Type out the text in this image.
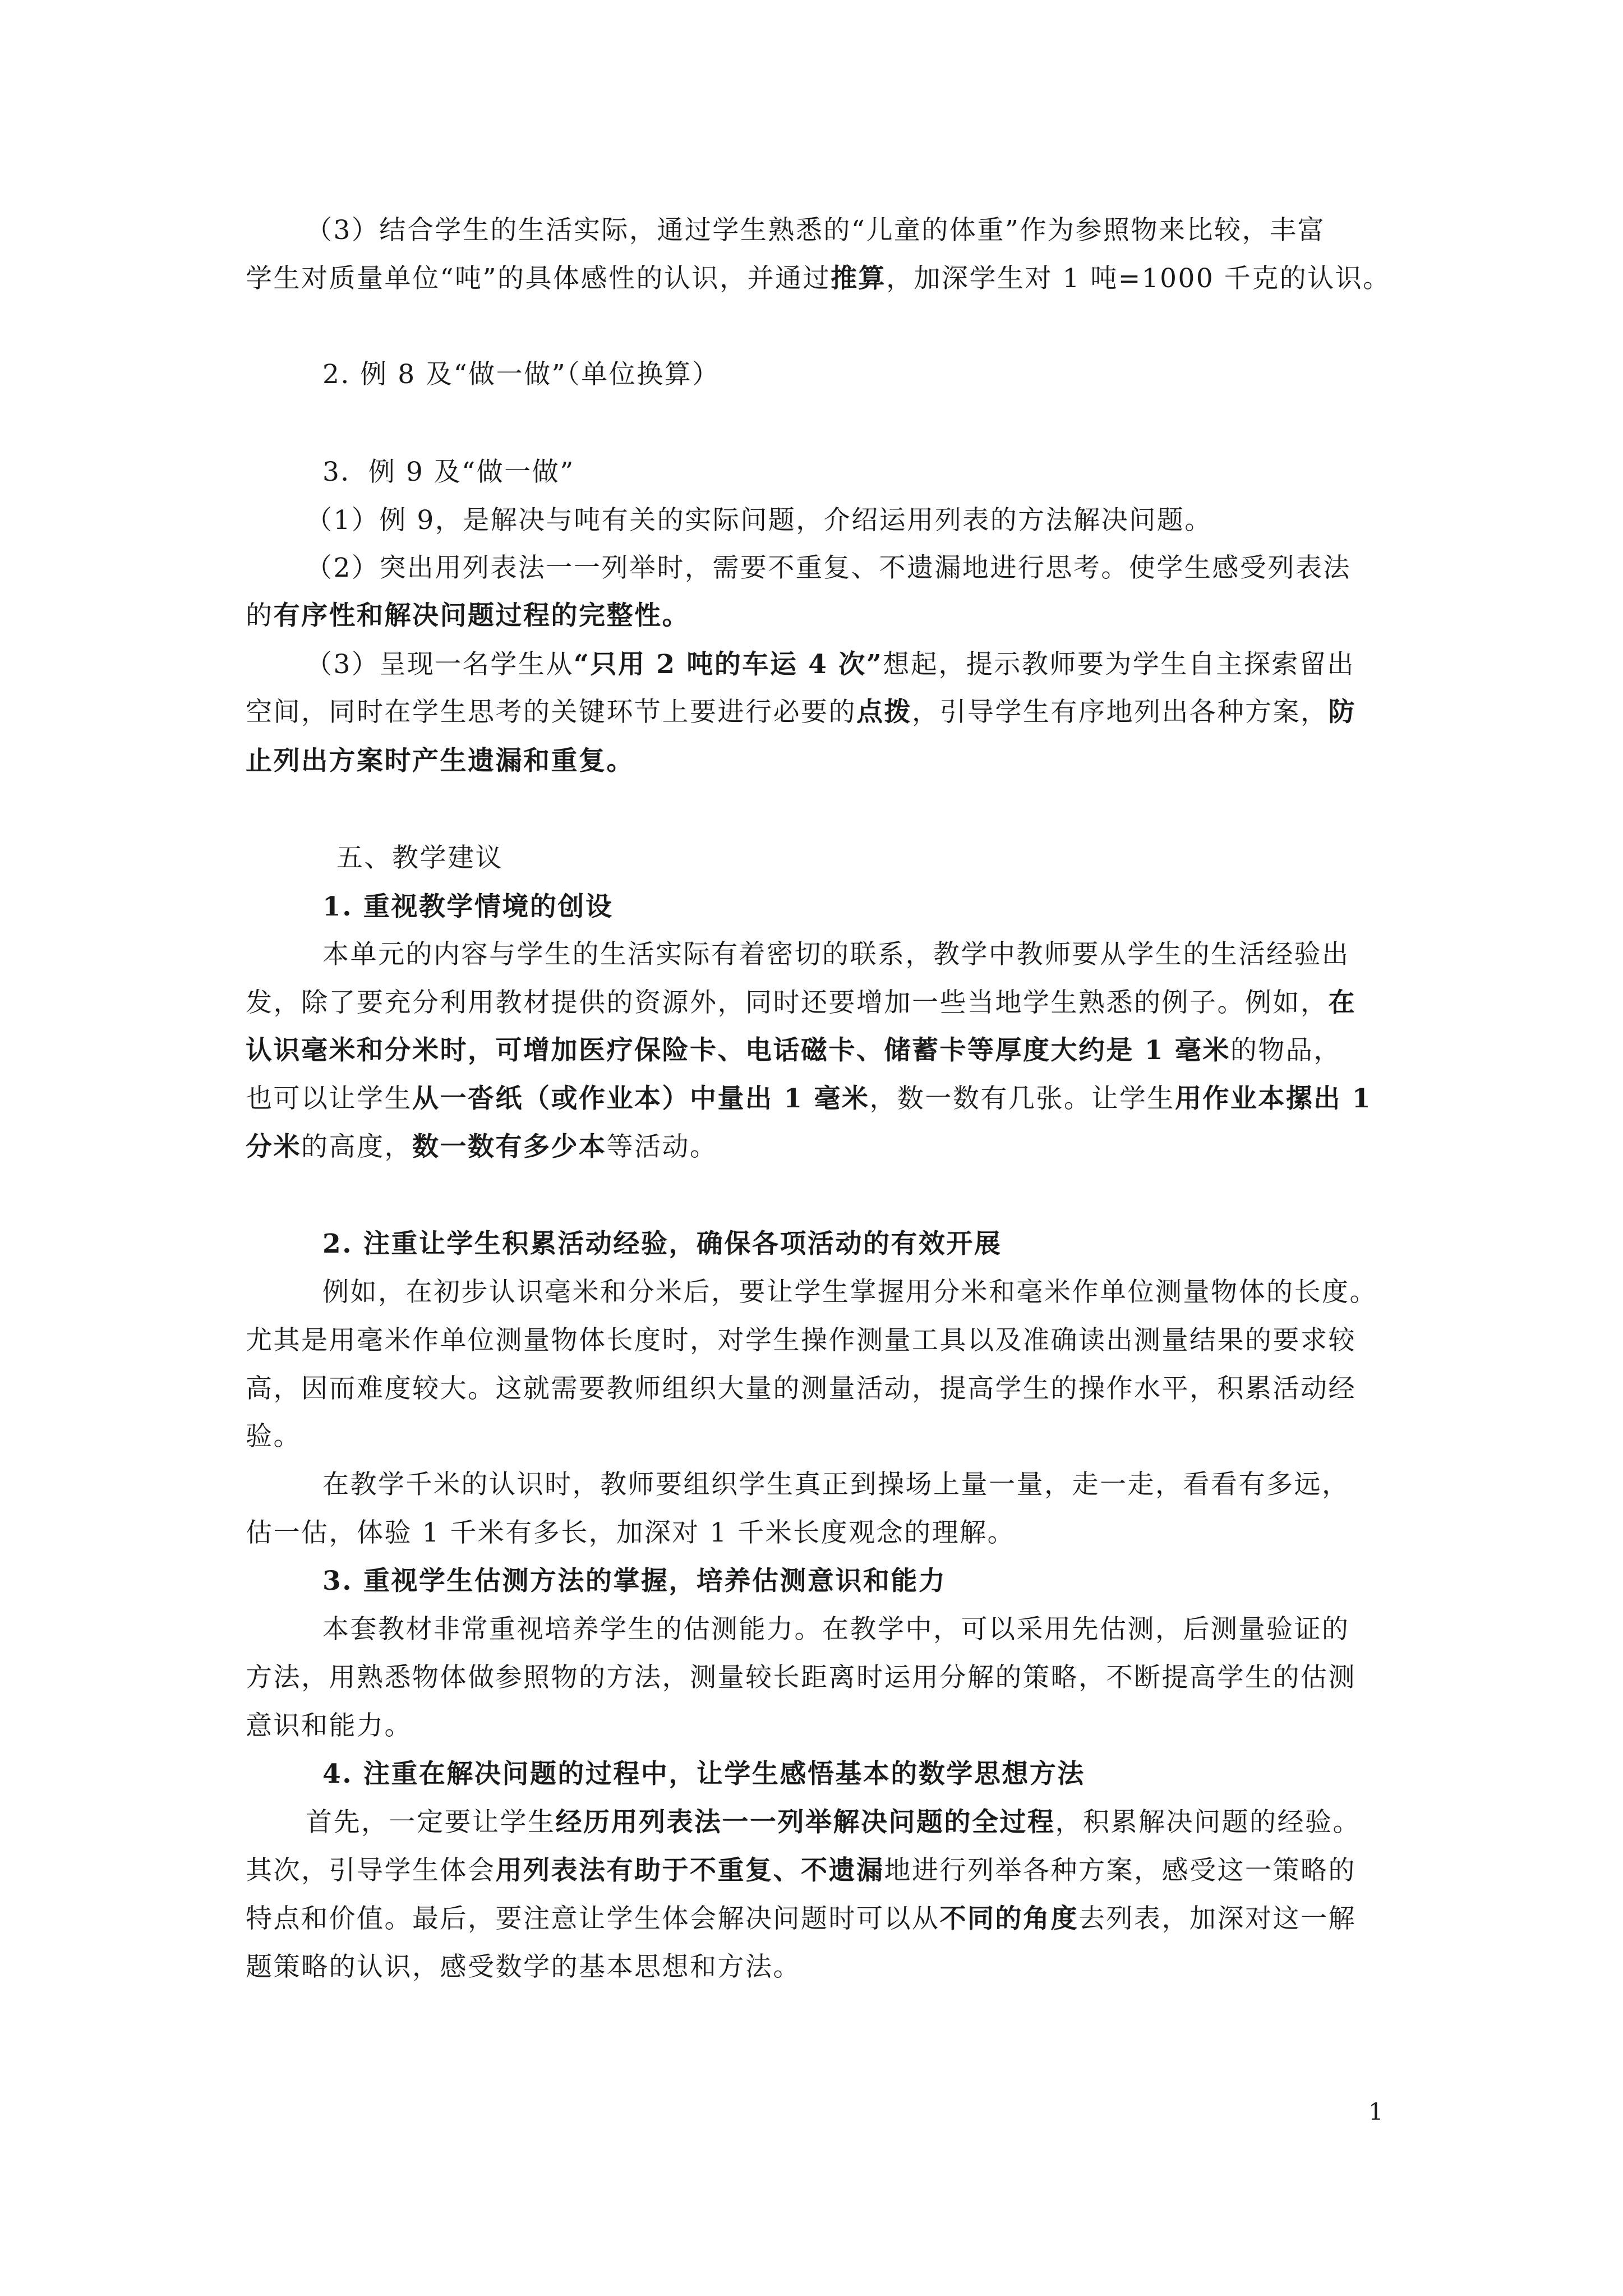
（3）结合学生的生活实际，通过学生熟悉的“儿童的体重”作为参照物来比较，丰富
学生对质量单位“吨”的具体感性的认识，并通过推算，加深学生对 1 吨=1000 千克的认识。
2. 例 8 及“做一做”（单位换算）
3．例 9 及“做一做”
（1）例 9，是解决与吨有关的实际问题，介绍运用列表的方法解决问题。
（2）突出用列表法一一列举时，需要不重复、不遗漏地进行思考。使学生感受列表法
的有序性和解决问题过程的完整性。
（3）呈现一名学生从“只用 2 吨的车运 4 次”想起，提示教师要为学生自主探索留出
空间，同时在学生思考的关键环节上要进行必要的点拨，引导学生有序地列出各种方案，防
止列出方案时产生遗漏和重复。
五、教学建议
1. 重视教学情境的创设
本单元的内容与学生的生活实际有着密切的联系，教学中教师要从学生的生活经验出
发，除了要充分利用教材提供的资源外，同时还要增加一些当地学生熟悉的例子。例如，在
认识毫米和分米时，可增加医疗保险卡、电话磁卡、储蓄卡等厚度大约是 1 毫米的物品，
也可以让学生从一沓纸（或作业本）中量出 1 毫米，数一数有几张。让学生用作业本摞出 1
分米的高度，数一数有多少本等活动。
2. 注重让学生积累活动经验，确保各项活动的有效开展
例如，在初步认识毫米和分米后，要让学生掌握用分米和毫米作单位测量物体的长度。
尤其是用毫米作单位测量物体长度时，对学生操作测量工具以及准确读出测量结果的要求较
高，因而难度较大。这就需要教师组织大量的测量活动，提高学生的操作水平，积累活动经
验。
在教学千米的认识时，教师要组织学生真正到操场上量一量，走一走，看看有多远，
估一估，体验 1 千米有多长，加深对 1 千米长度观念的理解。
3. 重视学生估测方法的掌握，培养估测意识和能力
本套教材非常重视培养学生的估测能力。在教学中，可以采用先估测，后测量验证的
方法，用熟悉物体做参照物的方法，测量较长距离时运用分解的策略，不断提高学生的估测
意识和能力。
4. 注重在解决问题的过程中，让学生感悟基本的数学思想方法
首先，一定要让学生经历用列表法一一列举解决问题的全过程，积累解决问题的经验。
其次，引导学生体会用列表法有助于不重复、不遗漏地进行列举各种方案，感受这一策略的
特点和价值。最后，要注意让学生体会解决问题时可以从不同的角度去列表，加深对这一解
题策略的认识，感受数学的基本思想和方法。
1
